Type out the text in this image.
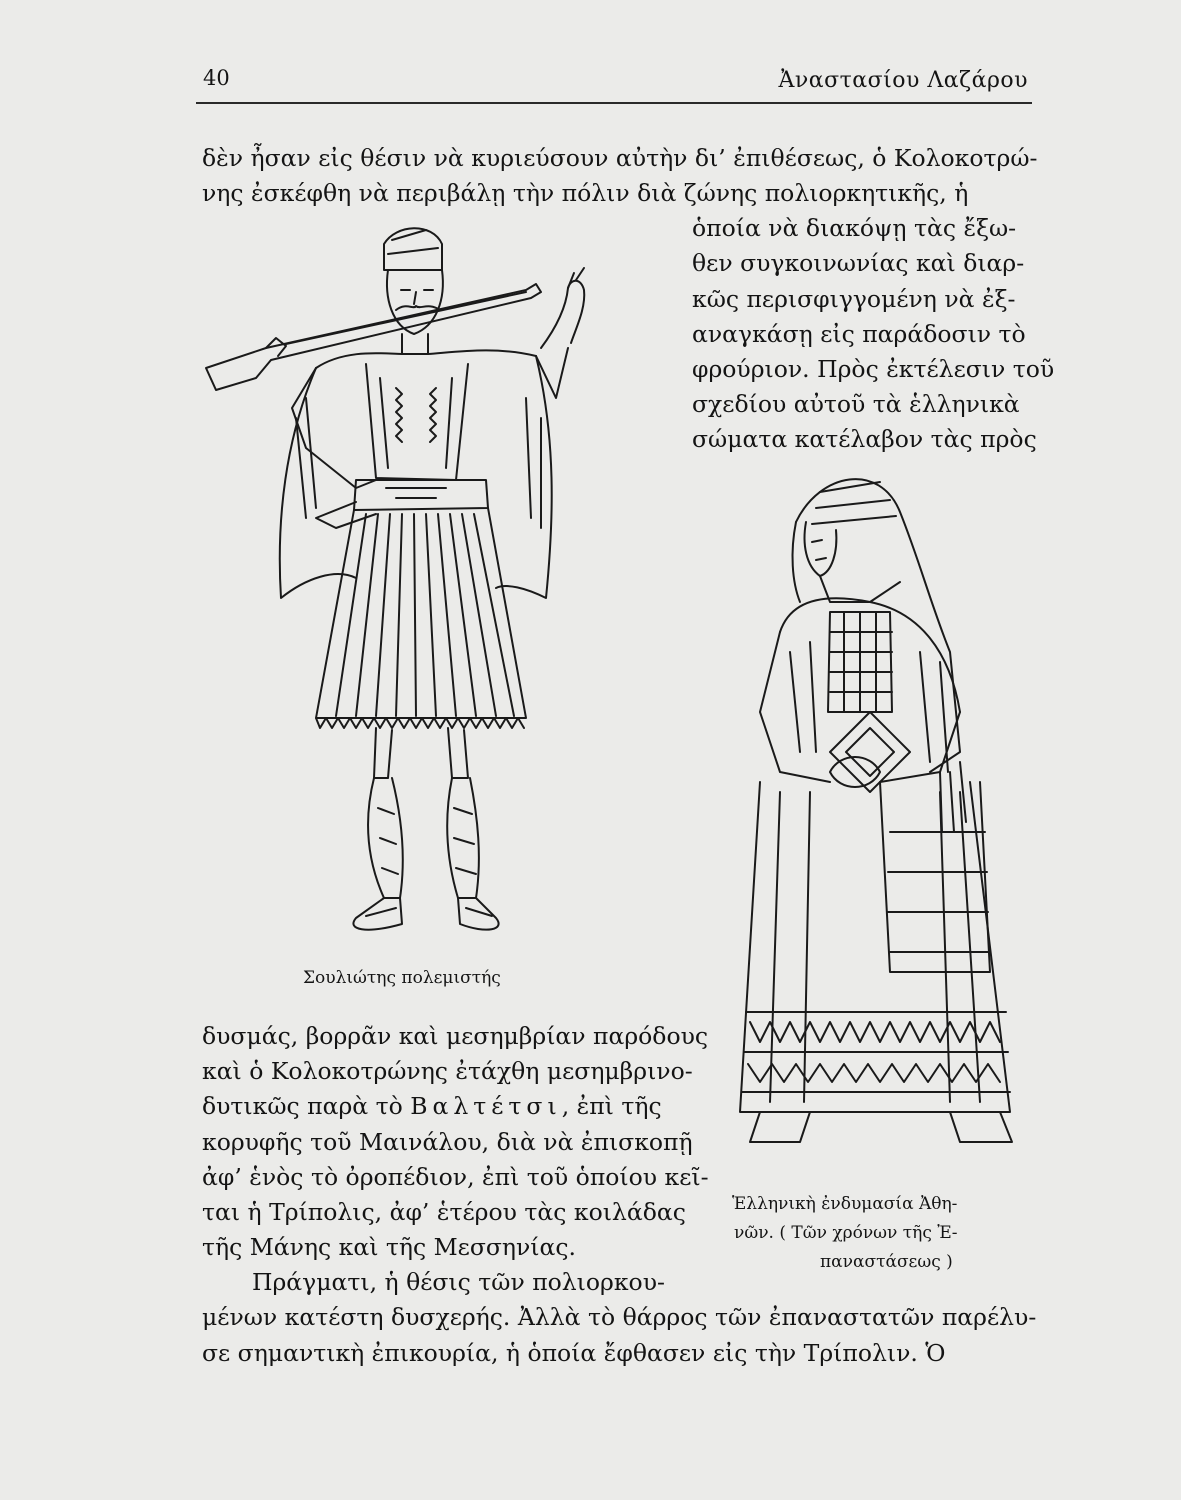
40	Ἀναστασίου Λαζάρου
δὲν ἦσαν εἰς θέσιν νὰ κυριεύσουν αὐτὴν δι’ ἐπιθέσεως, ὁ Κολοκοτρώ-
νης ἐσκέφθη νὰ περιβάλῃ τὴν πόλιν διὰ ζώνης πολιορκητικῆς, ἡ
ὁποία νὰ διακόψῃ τὰς ἔξω-
θεν συγκοινωνίας καὶ διαρ-
κῶς περισφιγγομένη νὰ ἐξ-
αναγκάσῃ εἰς παράδοσιν τὸ
φρούριον. Πρὸς ἐκτέλεσιν τοῦ
σχεδίου αὐτοῦ τὰ ἑλληνικὰ
σώματα κατέλαβον τὰς πρὸς
Σουλιώτης πολεμιστής
Ἑλληνικὴ ἐνδυμασία Ἀθη-
νῶν. ( Τῶν χρόνων τῆς Ἐ-
παναστάσεως )
δυσμάς, βορρᾶν καὶ μεσημβρίαν παρόδους
καὶ ὁ Κολοκοτρώνης ἐτάχθη μεσημβρινο-
δυτικῶς παρὰ τὸ Βαλτέτσι, ἐπὶ τῆς
κορυφῆς τοῦ Μαινάλου, διὰ νὰ ἐπισκοπῇ
ἀφ’ ἑνὸς τὸ ὀροπέδιον, ἐπὶ τοῦ ὁποίου κεῖ-
ται ἡ Τρίπολις, ἀφ’ ἑτέρου τὰς κοιλάδας
τῆς Μάνης καὶ τῆς Μεσσηνίας.
Πράγματι, ἡ θέσις τῶν πολιορκου-
μένων κατέστη δυσχερής. Ἀλλὰ τὸ θάρρος τῶν ἐπαναστατῶν παρέλυ-
σε σημαντικὴ ἐπικουρία, ἡ ὁποία ἔφθασεν εἰς τὴν Τρίπολιν. Ὁ
